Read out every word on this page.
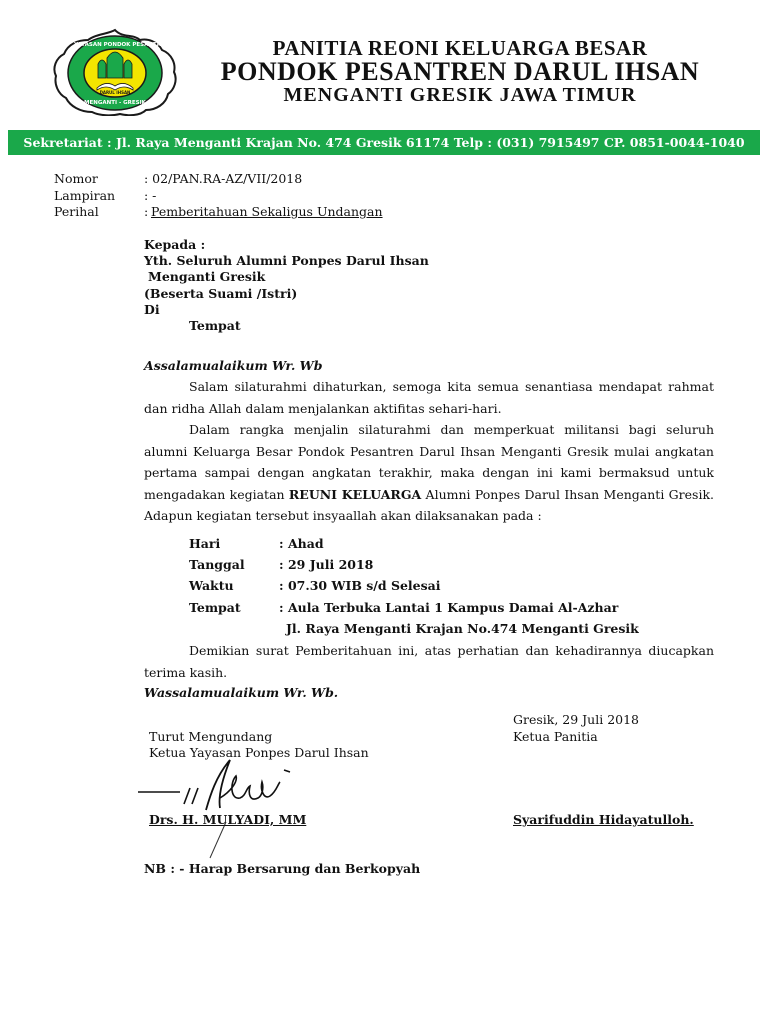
YAYASAN PONDOK PESANTREN
DARUL IHSAN
MENGANTI - GRESIK
PANITIA REONI KELUARGA BESAR
PONDOK PESANTREN DARUL IHSAN
MENGANTI GRESIK JAWA TIMUR
Sekretariat : Jl. Raya Menganti Krajan No. 474 Gresik 61174 Telp : (031) 7915497 CP. 0851-0044-1040
Nomor	: 02/PAN.RA-AZ/VII/2018
Lampiran : -
Perihal	: Pemberitahuan Sekaligus Undangan
Kepada :
Yth. Seluruh Alumni Ponpes Darul Ihsan
Menganti Gresik
(Beserta Suami /Istri)
Di
Tempat
Assalamualaikum Wr. Wb
Salam silaturahmi dihaturkan, semoga kita semua senantiasa mendapat rahmat
dan ridha Allah dalam menjalankan aktifitas sehari-hari.
Dalam rangka menjalin silaturahmi dan memperkuat militansi bagi seluruh
alumni Keluarga Besar Pondok Pesantren Darul Ihsan Menganti Gresik mulai angkatan
pertama sampai dengan angkatan terakhir, maka dengan ini kami bermaksud untuk
mengadakan kegiatan REUNI KELUARGA Alumni Ponpes Darul Ihsan Menganti Gresik.
Adapun kegiatan tersebut insyaallah akan dilaksanakan pada :
Hari	: Ahad
Tanggal	: 29 Juli 2018
Waktu	: 07.30 WIB s/d Selesai
Tempat	: Aula Terbuka Lantai 1 Kampus Damai Al-Azhar
Jl. Raya Menganti Krajan No.474 Menganti Gresik
Demikian surat Pemberitahuan ini, atas perhatian dan kehadirannya diucapkan
terima kasih.
Wassalamualaikum Wr. Wb.
Gresik, 29 Juli 2018
Turut Mengundang	Ketua Panitia
Ketua Yayasan Ponpes Darul Ihsan
Drs. H. MULYADI, MM	Syarifuddin Hidayatulloh.
NB : - Harap Bersarung dan Berkopyah
